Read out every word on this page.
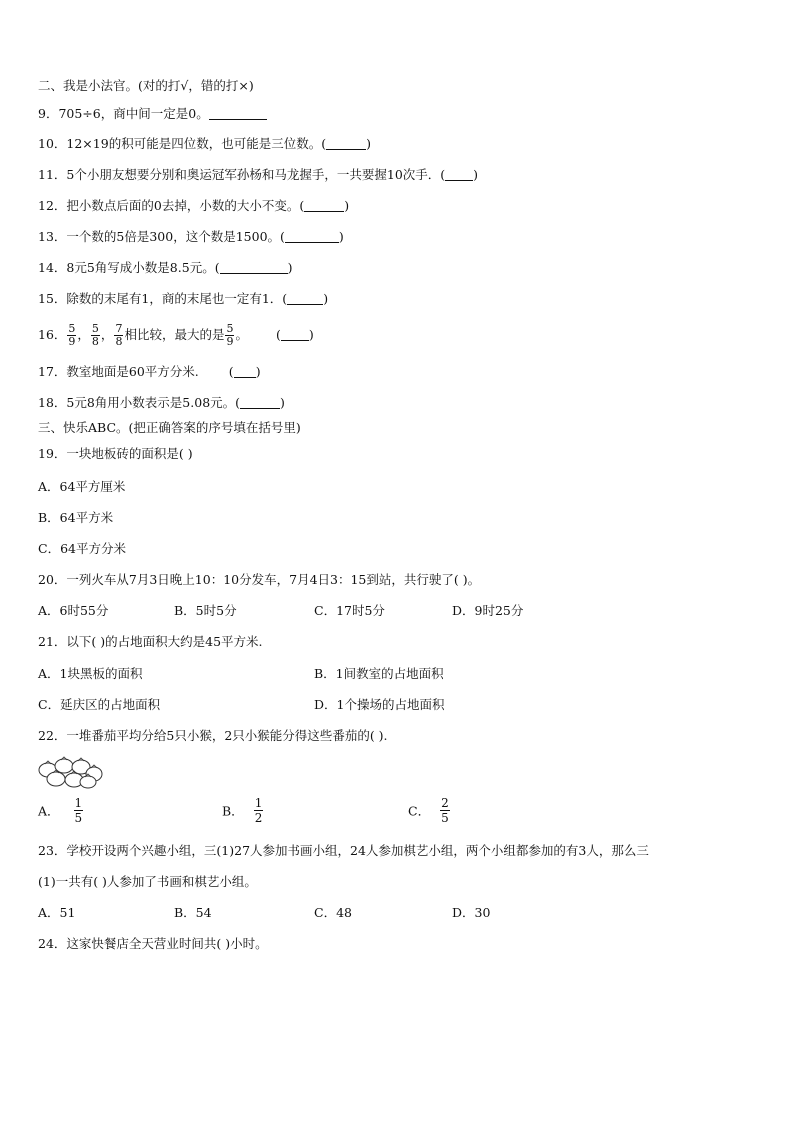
二、我是小法官。(对的打√，错的打×)
9．705÷6，商中间一定是0。
10．12×19的积可能是四位数，也可能是三位数。(	)
11．5个小朋友想要分别和奥运冠军孙杨和马龙握手，一共要握10次手．( )
12．把小数点后面的0去掉，小数的大小不变。(	)
13．一个数的5倍是300，这个数是1500。(	)
14．8元5角写成小数是8.5元。(	)
15．除数的末尾有1，商的末尾也一定有1．(	)
16． $\frac{5}{9}$ ， $\frac{5}{8}$ ， $\frac{7}{8}$ 相比较，最大的是 $\frac{5}{9}$ 。 ( )
17．教室地面是60平方分米. ( )
18．5元8角用小数表示是5.08元。(	)
三、快乐ABC。(把正确答案的序号填在括号里)
19．一块地板砖的面积是( )
A．64平方厘米
B．64平方米
C．64平方分米
20．一列火车从7月3日晚上10：10分发车，7月4日3：15到站，共行驶了( )。
A．6时55分	B．5时5分	C．17时5分	D．9时25分
21．以下( )的占地面积大约是45平方米.
A．1块黑板的面积	B．1间教室的占地面积
C．延庆区的占地面积	D．1个操场的占地面积
22．一堆番茄平均分给5只小猴，2只小猴能分得这些番茄的( ).
A． $\frac{1}{5}$	B． $\frac{1}{2}$	C． $\frac{2}{5}$
23．学校开设两个兴趣小组，三(1)27人参加书画小组，24人参加棋艺小组，两个小组都参加的有3人，那么三
(1)一共有( )人参加了书画和棋艺小组。
A．51	B．54	C．48	D．30
24．这家快餐店全天营业时间共( )小时。
